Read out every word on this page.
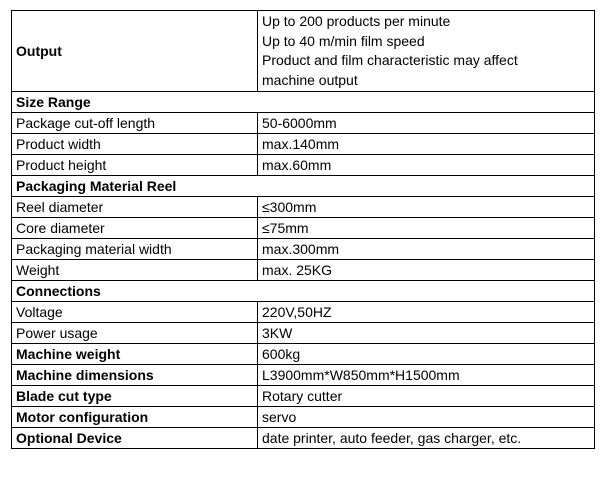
Output	Up to 200 products per minute
Up to 40 m/min film speed
Product and film characteristic may affect
machine output

Size Range	
Package cut-off length	50-6000mm
Product width	max.140mm
Product height	max.60mm
Packaging Material Reel	
Reel diameter	≤300mm
Core diameter	≤75mm
Packaging material width	max.300mm
Weight	max. 25KG
Connections	
Voltage	220V,50HZ
Power usage	3KW
Machine weight	600kg
Machine dimensions	L3900mm*W850mm*H1500mm
Blade cut type	Rotary cutter
Motor configuration	servo
Optional Device	date printer, auto feeder, gas charger, etc.
